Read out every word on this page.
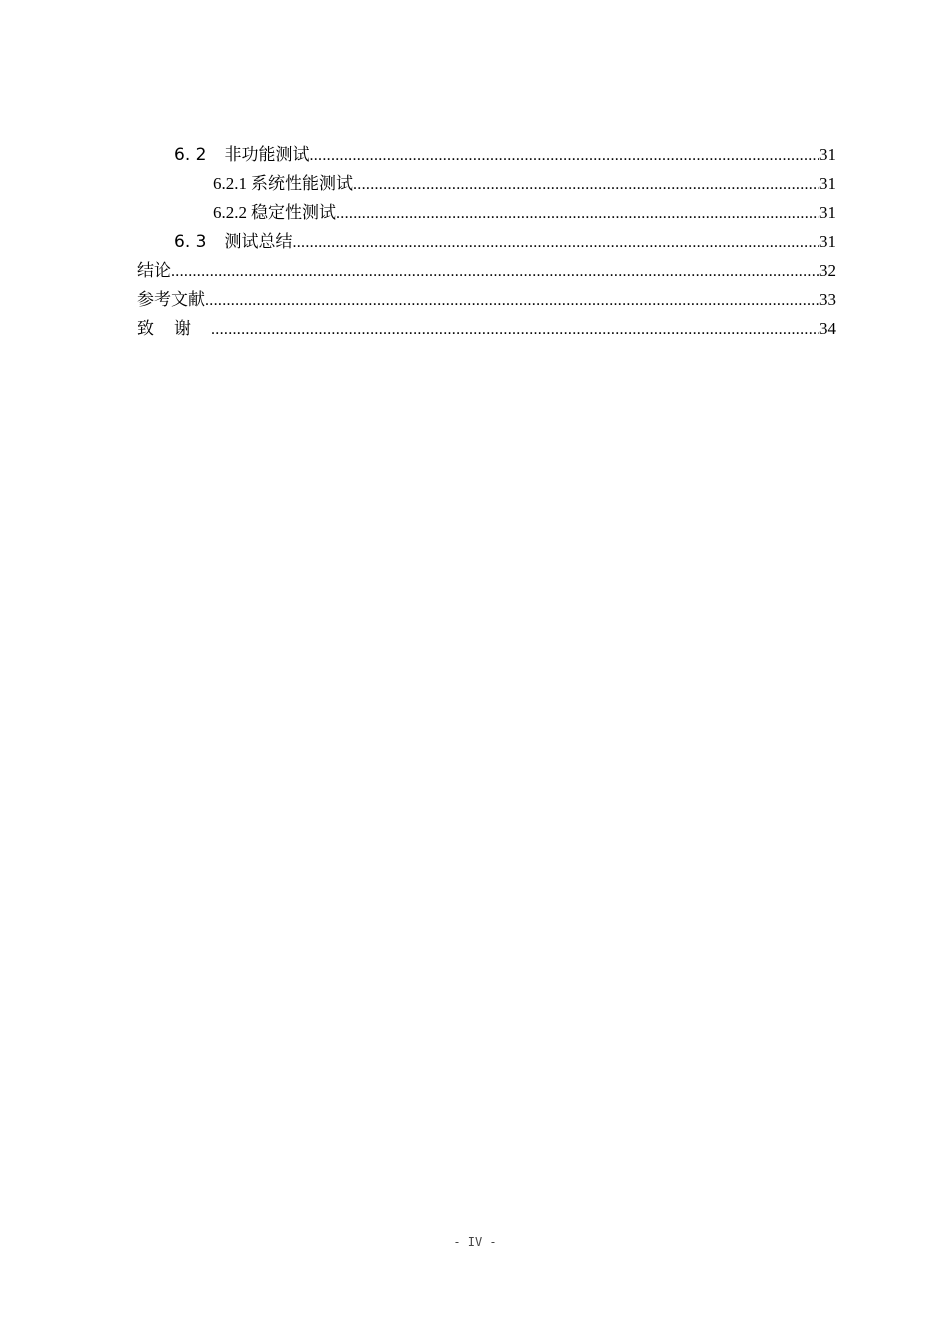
6. 2 非功能测试 .....	31
6.2.1 系统性能测试 .....	31
6.2.2 稳定性测试 .....	31
6. 3 测试总结 .....	31
结论 .....	32
参考文献 .....	33
致谢 .....	34
- IV -
